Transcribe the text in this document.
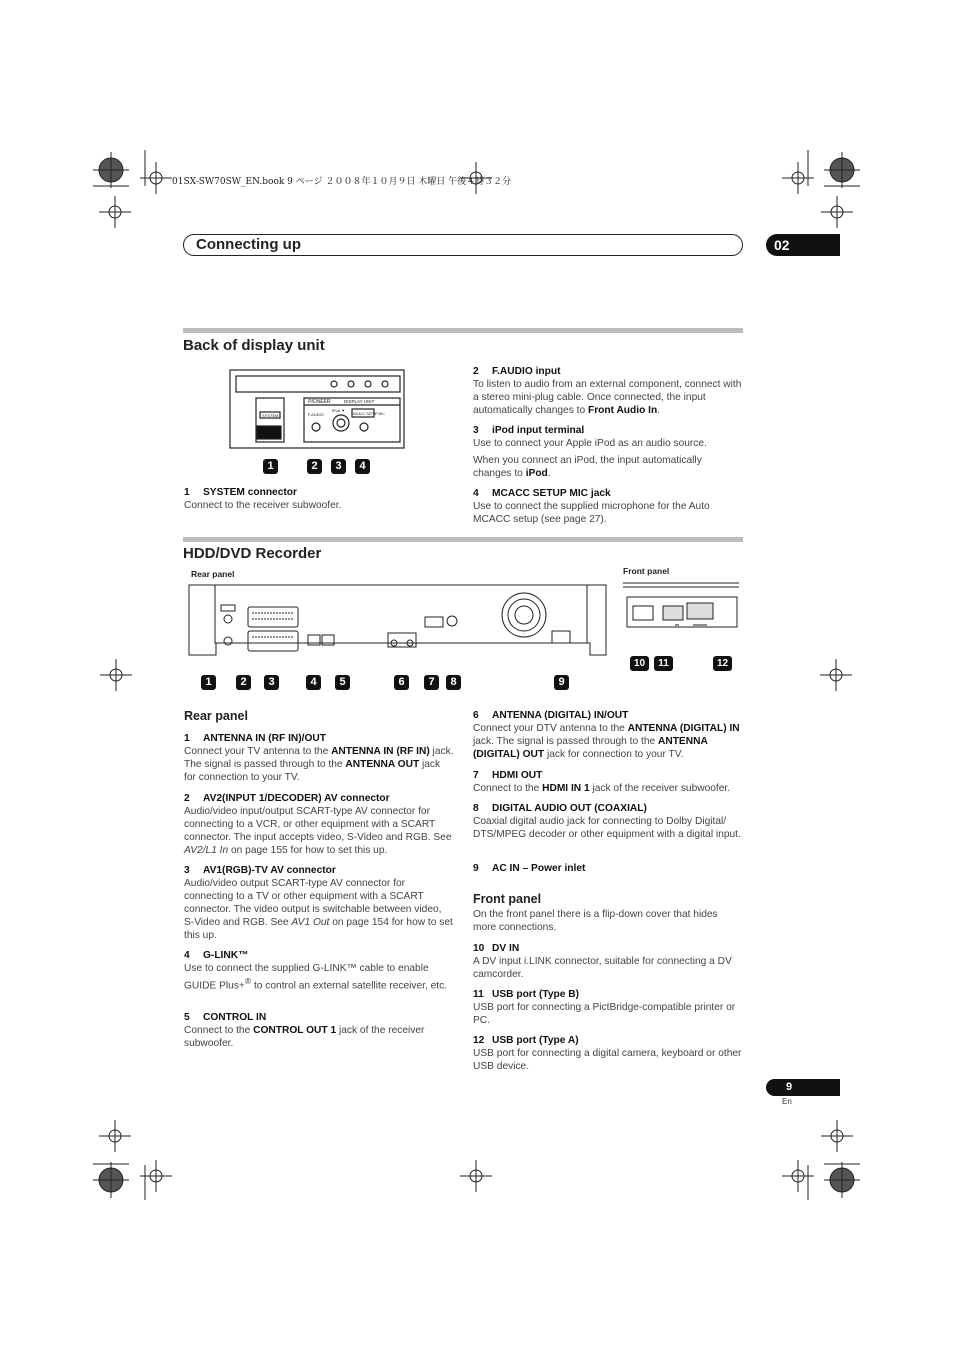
01SX-SW70SW_EN.book 9 ページ ２００８年１０月９日 木曜日 午後４時３２分
Connecting up	02
Back of display unit
PIONEER	DISPLAY UNIT
SYSTEM	F.AUDIO
iPod ▼
MCACC SETUP MIC
1	2	3	4
1 SYSTEM connector

Connect to the receiver subwoofer.

2 F.AUDIO input

To listen to audio from an external component, connect with a stereo mini-plug cable. Once connected, the input automatically changes to Front Audio In.

3 iPod input terminal

Use to connect your Apple iPod as an audio source.

When you connect an iPod, the input automatically changes to iPod.

4 MCACC SETUP MIC jack

Use to connect the supplied microphone for the Auto MCACC setup (see page 27).

HDD/DVD Recorder
Rear panel	Front panel
1	2	3	4	5	6	7	8	9
10	11	12
Rear panel
1 ANTENNA IN (RF IN)/OUT

Connect your TV antenna to the ANTENNA IN (RF IN) jack. The signal is passed through to the ANTENNA OUT jack for connection to your TV.

2 AV2(INPUT 1/DECODER) AV connector

Audio/video input/output SCART-type AV connector for connecting to a VCR, or other equipment with a SCART connector. The input accepts video, S-Video and RGB. See AV2/L1 In on page 155 for how to set this up.

3 AV1(RGB)-TV AV connector

Audio/video output SCART-type AV connector for connecting to a TV or other equipment with a SCART connector. The video output is switchable between video, S-Video and RGB. See AV1 Out on page 154 for how to set this up.

4 G-LINK™

Use to connect the supplied G-LINK™ cable to enable GUIDE Plus+® to control an external satellite receiver, etc.

5 CONTROL IN

Connect to the CONTROL OUT 1 jack of the receiver subwoofer.

6 ANTENNA (DIGITAL) IN/OUT

Connect your DTV antenna to the ANTENNA (DIGITAL) IN jack. The signal is passed through to the ANTENNA (DIGITAL) OUT jack for connection to your TV.

7 HDMI OUT

Connect to the HDMI IN 1 jack of the receiver subwoofer.

8 DIGITAL AUDIO OUT (COAXIAL)

Coaxial digital audio jack for connecting to Dolby Digital/ DTS/MPEG decoder or other equipment with a digital input.

9 AC IN – Power inlet
Front panel

On the front panel there is a flip-down cover that hides more connections.

10 DV IN

A DV input i.LINK connector, suitable for connecting a DV camcorder.

11 USB port (Type B)

USB port for connecting a PictBridge-compatible printer or PC.

12 USB port (Type A)

USB port for connecting a digital camera, keyboard or other USB device.

9
En
